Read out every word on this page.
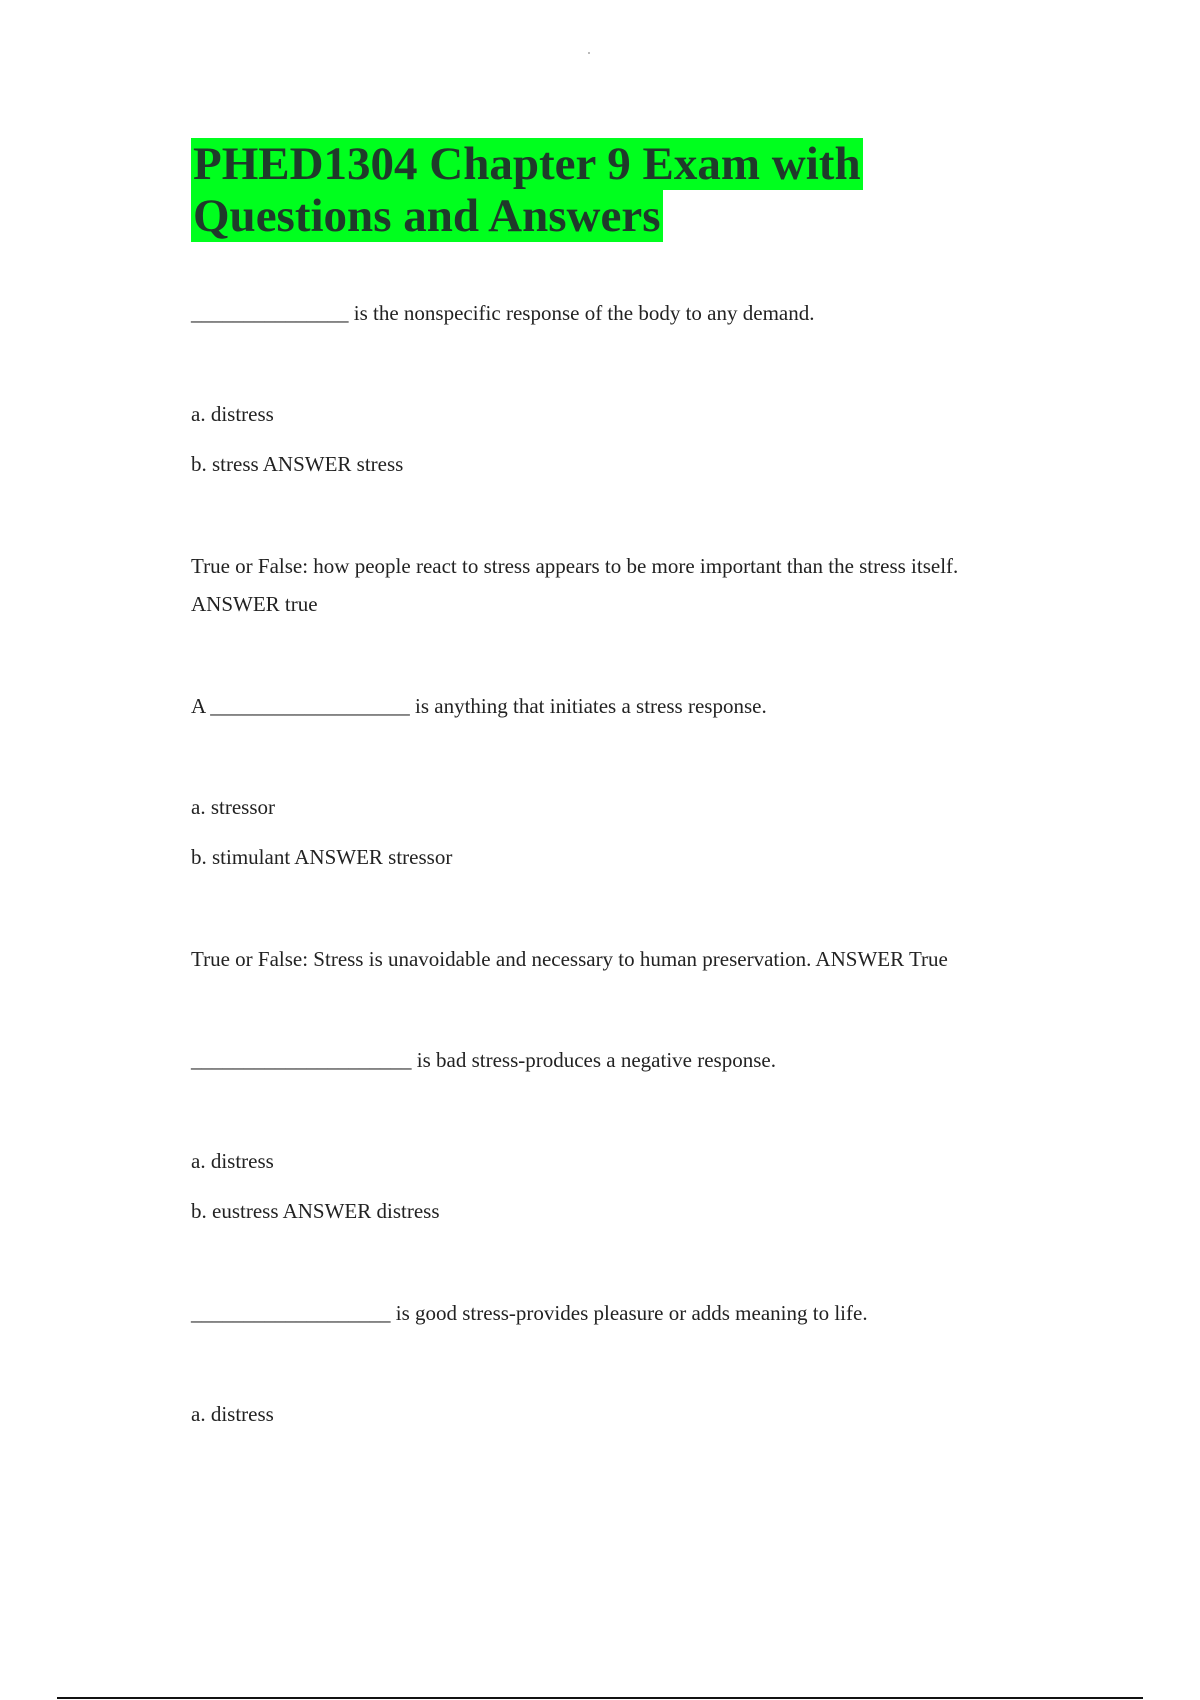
PHED1304 Chapter 9 Exam with Questions and Answers

_______________ is the nonspecific response of the body to any demand.

a. distress

b. stress ANSWER stress

True or False: how people react to stress appears to be more important than the stress itself. ANSWER true

A ___________________ is anything that initiates a stress response.

a. stressor

b. stimulant ANSWER stressor

True or False: Stress is unavoidable and necessary to human preservation. ANSWER True

_____________________ is bad stress-produces a negative response.

a. distress

b. eustress ANSWER distress

___________________ is good stress-provides pleasure or adds meaning to life.

a. distress
